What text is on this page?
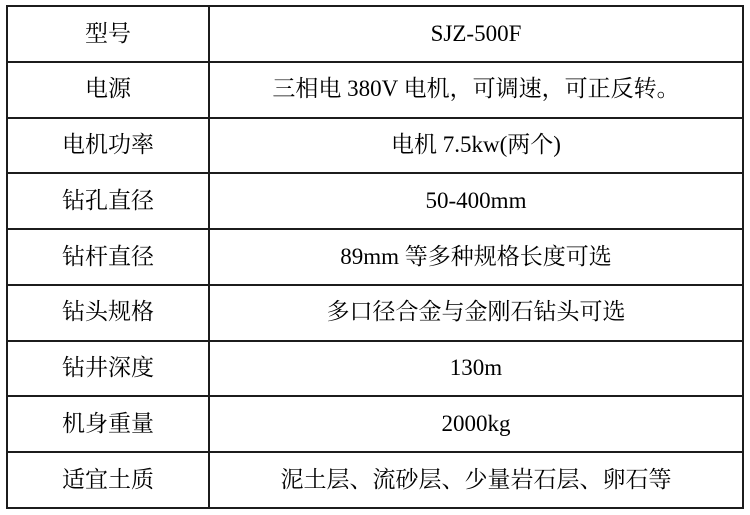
型号	SJZ-500F
电源	三相电 380V 电机，可调速，可正反转。
电机功率	电机 7.5kw(两个)
钻孔直径	50-400mm
钻杆直径	89mm 等多种规格长度可选
钻头规格	多口径合金与金刚石钻头可选
钻井深度	130m
机身重量	2000kg
适宜土质	泥土层、流砂层、少量岩石层、卵石等
